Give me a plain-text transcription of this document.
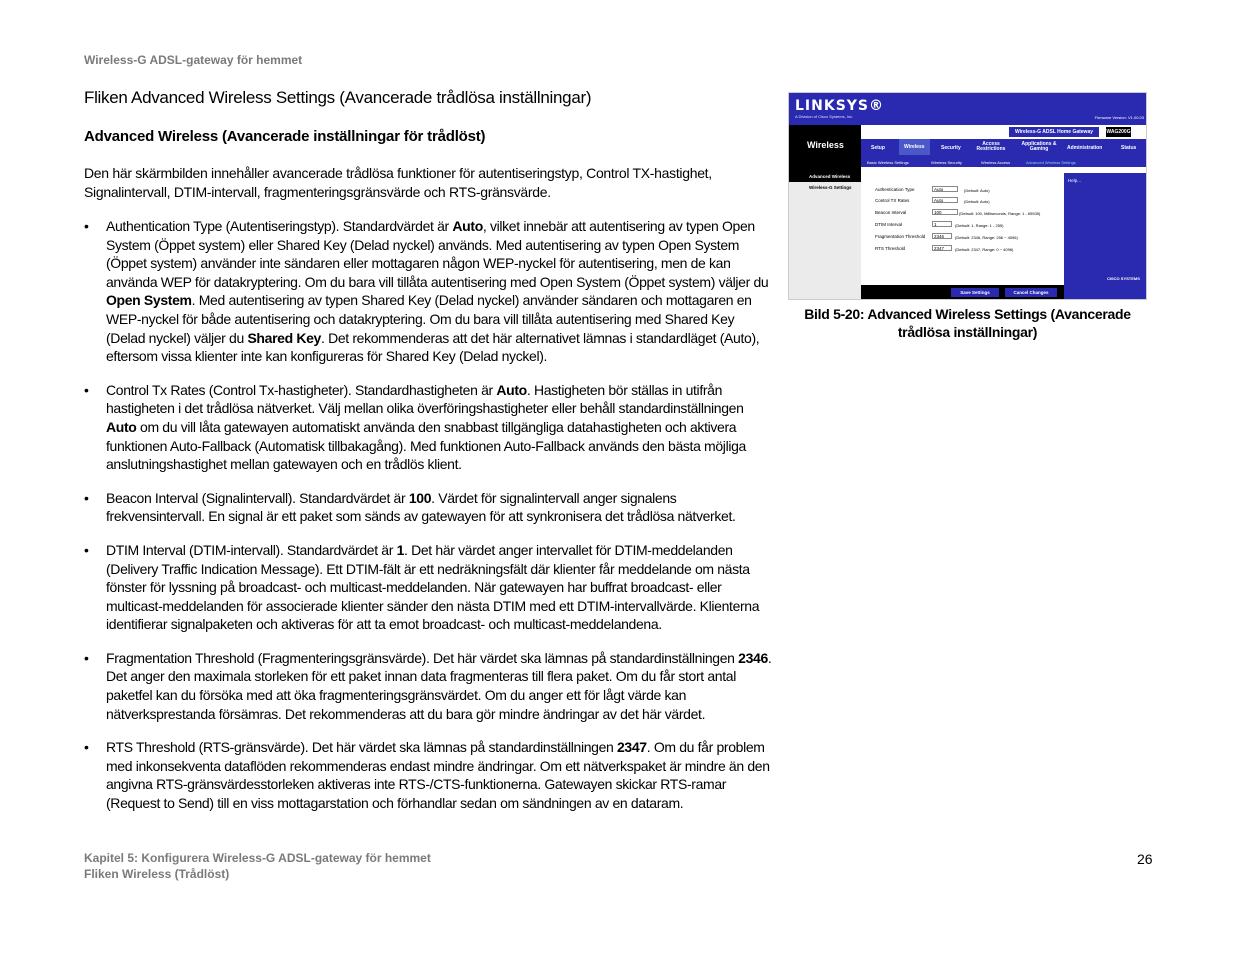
Wireless-G ADSL-gateway för hemmet
Fliken Advanced Wireless Settings (Avancerade trådlösa inställningar)
Advanced Wireless (Avancerade inställningar för trådlöst)
Den här skärmbilden innehåller avancerade trådlösa funktioner för autentiseringstyp, Control TX-hastighet, Signalintervall, DTIM-intervall, fragmenteringsgränsvärde och RTS-gränsvärde.
• Authentication Type (Autentiseringstyp). Standardvärdet är Auto, vilket innebär att autentisering av typen Open System (Öppet system) eller Shared Key (Delad nyckel) används. Med autentisering av typen Open System (Öppet system) använder inte sändaren eller mottagaren någon WEP-nyckel för autentisering, men de kan använda WEP för datakryptering. Om du bara vill tillåta autentisering med Open System (Öppet system) väljer du Open System. Med autentisering av typen Shared Key (Delad nyckel) använder sändaren och mottagaren en WEP-nyckel för både autentisering och datakryptering. Om du bara vill tillåta autentisering med Shared Key (Delad nyckel) väljer du Shared Key. Det rekommenderas att det här alternativet lämnas i standardläget (Auto), eftersom vissa klienter inte kan konfigureras för Shared Key (Delad nyckel).
• Control Tx Rates (Control Tx-hastigheter). Standardhastigheten är Auto. Hastigheten bör ställas in utifrån hastigheten i det trådlösa nätverket. Välj mellan olika överföringshastigheter eller behåll standardinställningen Auto om du vill låta gatewayen automatiskt använda den snabbast tillgängliga datahastigheten och aktivera funktionen Auto-Fallback (Automatisk tillbakagång). Med funktionen Auto-Fallback används den bästa möjliga anslutningshastighet mellan gatewayen och en trådlös klient.
• Beacon Interval (Signalintervall). Standardvärdet är 100. Värdet för signalintervall anger signalens frekvensintervall. En signal är ett paket som sänds av gatewayen för att synkronisera det trådlösa nätverket.
• DTIM Interval (DTIM-intervall). Standardvärdet är 1. Det här värdet anger intervallet för DTIM-meddelanden (Delivery Traffic Indication Message). Ett DTIM-fält är ett nedräkningsfält där klienter får meddelande om nästa fönster för lyssning på broadcast- och multicast-meddelanden. När gatewayen har buffrat broadcast- eller multicast-meddelanden för associerade klienter sänder den nästa DTIM med ett DTIM-intervallvärde. Klienterna identifierar signalpaketen och aktiveras för att ta emot broadcast- och multicast-meddelandena.
• Fragmentation Threshold (Fragmenteringsgränsvärde). Det här värdet ska lämnas på standardinställningen 2346. Det anger den maximala storleken för ett paket innan data fragmenteras till flera paket. Om du får stort antal paketfel kan du försöka med att öka fragmenteringsgränsvärdet. Om du anger ett för lågt värde kan nätverksprestanda försämras. Det rekommenderas att du bara gör mindre ändringar av det här värdet.
• RTS Threshold (RTS-gränsvärde). Det här värdet ska lämnas på standardinställningen 2347. Om du får problem med inkonsekventa dataflöden rekommenderas endast mindre ändringar. Om ett nätverkspaket är mindre än den angivna RTS-gränsvärdesstorleken aktiveras inte RTS-/CTS-funktionerna. Gatewayen skickar RTS-ramar (Request to Send) till en viss mottagarstation och förhandlar sedan om sändningen av en dataram.
LINKSYS®
A Division of Cisco Systems, Inc.	Firmware Version: V1.00.03
Wireless
Wireless-G ADSL Home Gateway	WAG200G
Setup	Wireless	Security
Access Restrictions
Applications & Gaming	Administration	Status
Basic Wireless Settings	Wireless Security	Wireless Access	Advanced Wireless Settings
Advanced Wireless
Wireless-G Settings	Authentication Type	Auto	(Default: Auto)
Control TX Rates	Auto	(Default: Auto)
Beacon Interval	100	(Default: 100, Milliseconds, Range: 1 - 65535)
DTIM Interval	1	(Default: 1, Range: 1 - 255)
Fragmentation Threshold	2346	(Default: 2346, Range: 256 ~ 4096)
RTS Threshold	2347	(Default: 2347, Range: 0 ~ 4096)
Help...
CISCO SYSTEMS
Save Settings	Cancel Changes
Bild 5-20: Advanced Wireless Settings (Avancerade trådlösa inställningar)
Kapitel 5: Konfigurera Wireless-G ADSL-gateway för hemmet
Fliken Wireless (Trådlöst)
26
